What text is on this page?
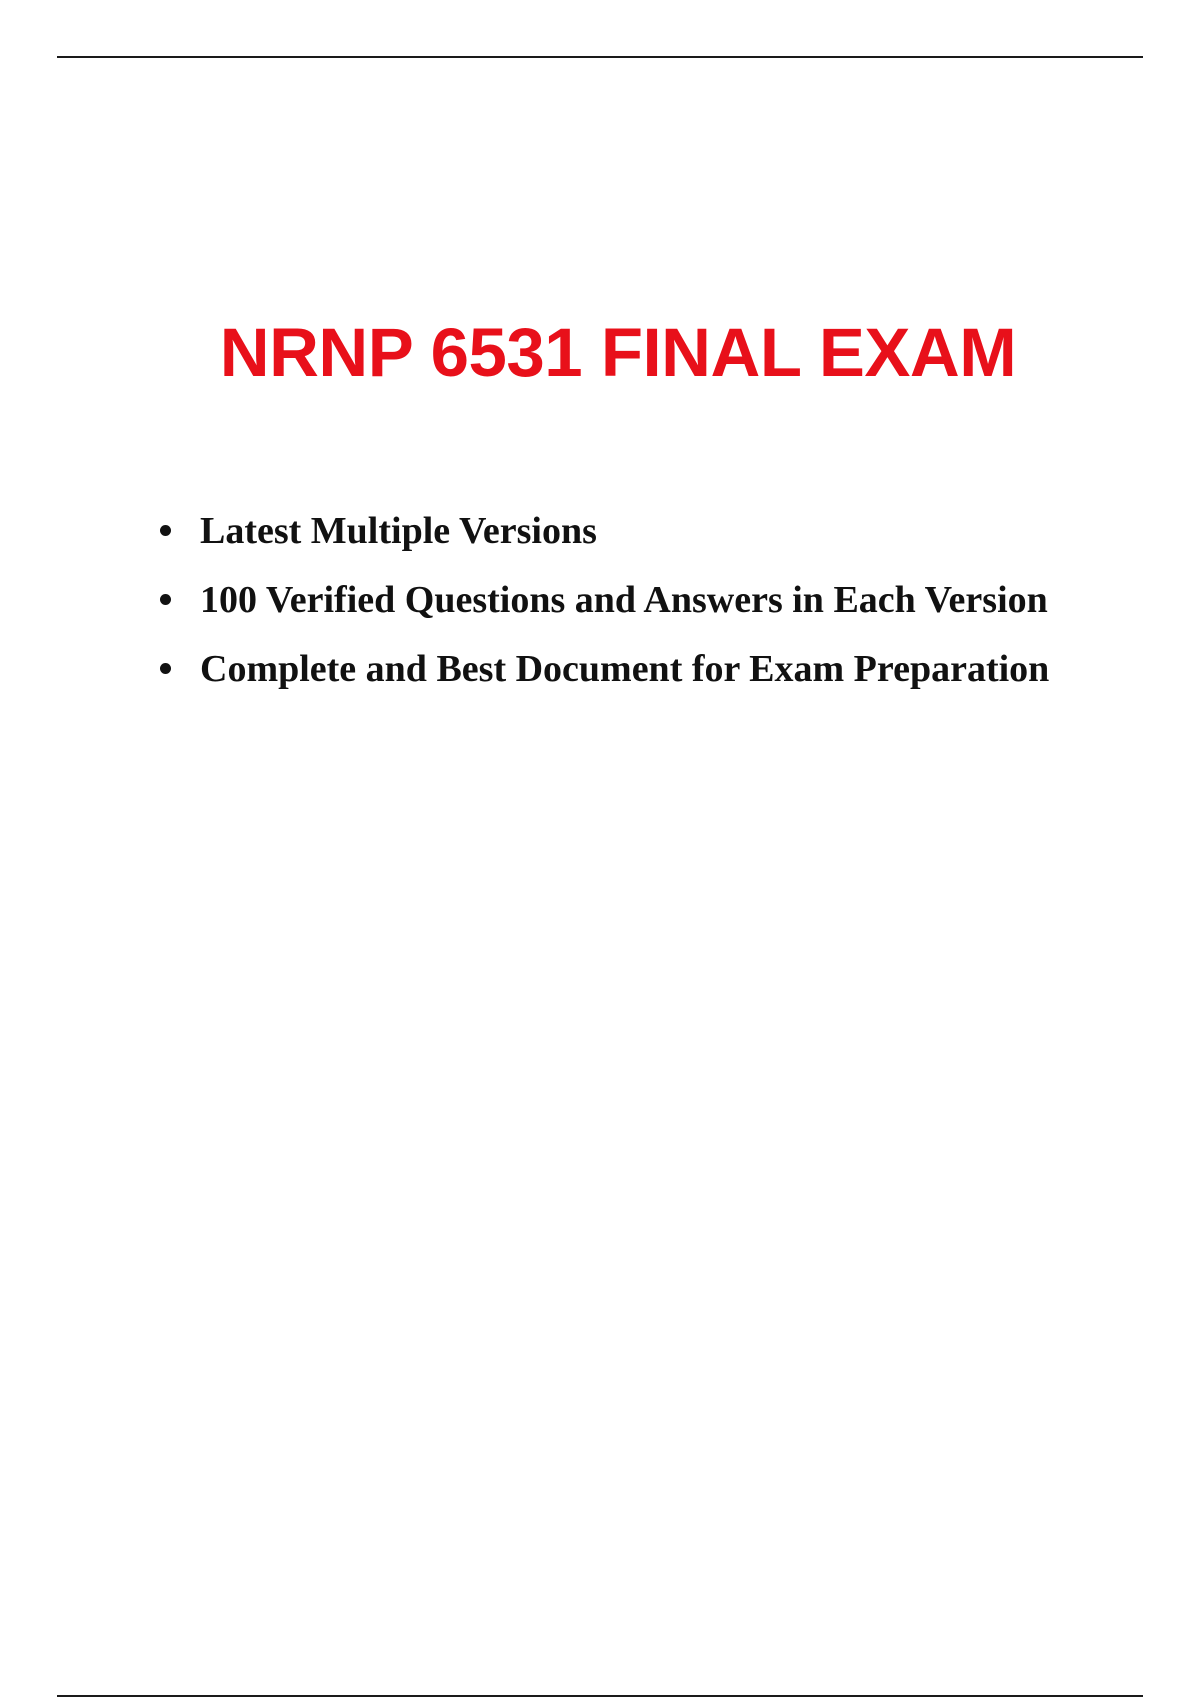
NRNP 6531 FINAL EXAM
Latest Multiple Versions
100 Verified Questions and Answers in Each Version
Complete and Best Document for Exam Preparation
